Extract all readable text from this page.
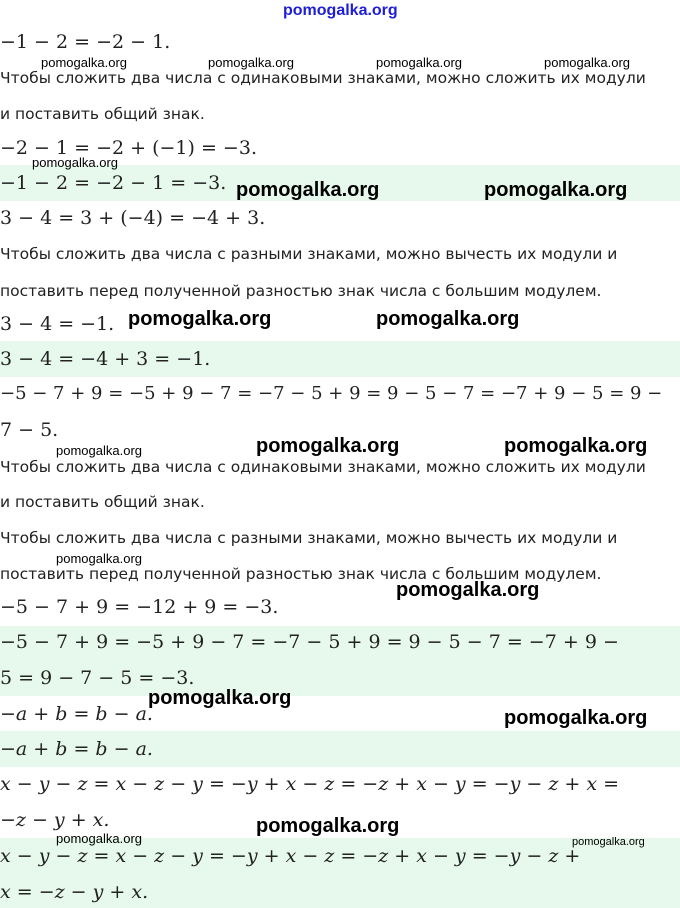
pomogalka.org
−1 − 2 = −2 − 1.
Чтобы сложить два числа с одинаковыми знаками, можно сложить их модули
и поставить общий знак.
−2 − 1 = −2 + (−1) = −3.
−1 − 2 = −2 − 1 = −3.
3 − 4 = 3 + (−4) = −4 + 3.
Чтобы сложить два числа с разными знаками, можно вычесть их модули и
поставить перед полученной разностью знак числа с большим модулем.
3 − 4 = −1.
3 − 4 = −4 + 3 = −1.
−5 − 7 + 9 = −5 + 9 − 7 = −7 − 5 + 9 = 9 − 5 − 7 = −7 + 9 − 5 = 9 −
7 − 5.
Чтобы сложить два числа с одинаковыми знаками, можно сложить их модули
и поставить общий знак.
Чтобы сложить два числа с разными знаками, можно вычесть их модули и
поставить перед полученной разностью знак числа с большим модулем.
−5 − 7 + 9 = −12 + 9 = −3.
−5 − 7 + 9 = −5 + 9 − 7 = −7 − 5 + 9 = 9 − 5 − 7 = −7 + 9 −
5 = 9 − 7 − 5 = −3.
−a + b = b − a.
−a + b = b − a.
x − y − z = x − z − y = −y + x − z = −z + x − y = −y − z + x =
−z − y + x.
x − y − z = x − z − y = −y + x − z = −z + x − y = −y − z +
x = −z − y + x.
pomogalka.org	pomogalka.org	pomogalka.org	pomogalka.org
pomogalka.org
pomogalka.org	pomogalka.org
pomogalka.org	pomogalka.org
pomogalka.org	pomogalka.org	pomogalka.org
pomogalka.org
pomogalka.org
pomogalka.org
pomogalka.org
pomogalka.org
pomogalka.org	pomogalka.org
